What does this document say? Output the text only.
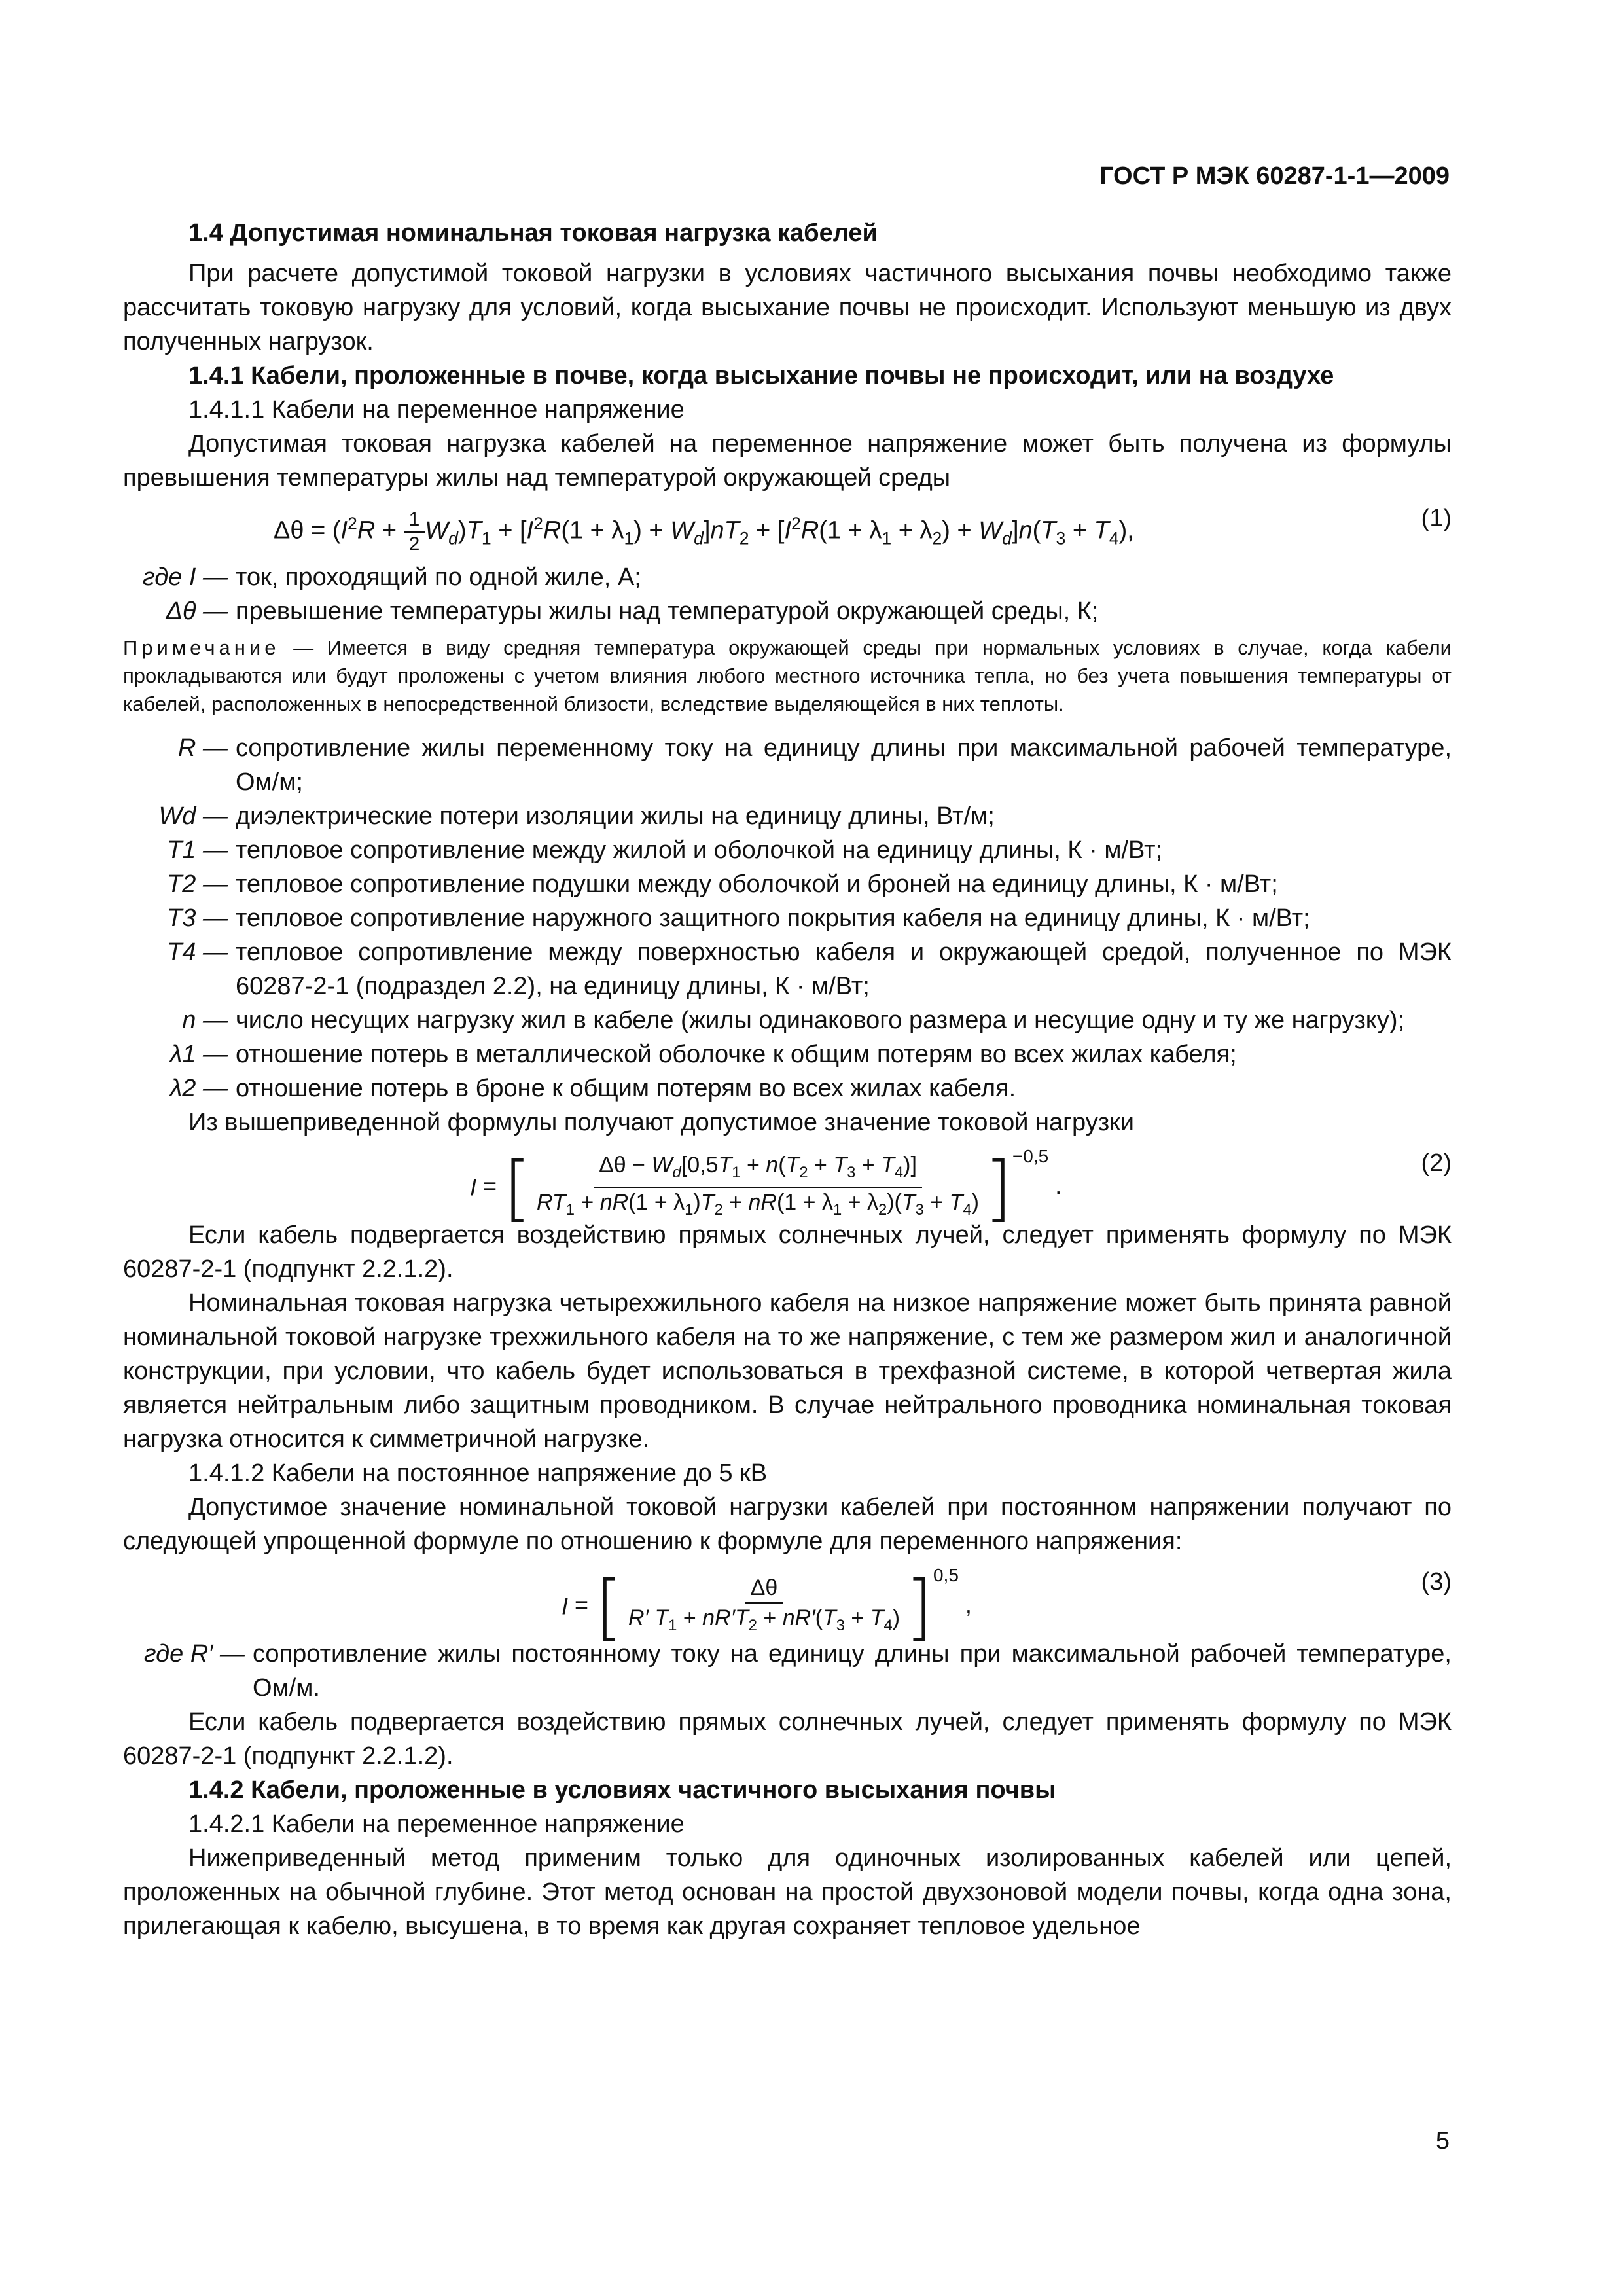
ГОСТ Р МЭК 60287-1-1—2009

1.4 Допустимая номинальная токовая нагрузка кабелей

При расчете допустимой токовой нагрузки в условиях частичного высыхания почвы необходимо также рассчитать токовую нагрузку для условий, когда высыхание почвы не происходит. Используют меньшую из двух полученных нагрузок.

1.4.1 Кабели, проложенные в почве, когда высыхание почвы не происходит, или на воздухе

1.4.1.1 Кабели на переменное напряжение

Допустимая токовая нагрузка кабелей на переменное напряжение может быть получена из формулы превышения температуры жилы над температурой окружающей среды

$\Delta\theta = (I^2R + \frac{1}{2} W_d)T_1 + [I^2R(1 + \lambda_1) + W_d]nT_2 + [I^2R(1 + \lambda_1 + \lambda_2) + W_d]n(T_3 + T_4)$,	(1)
где I — ток, проходящий по одной жиле, А;
Δθ — превышение температуры жилы над температурой окружающей среды, К;
Примечание — Имеется в виду средняя температура окружающей среды при нормальных условиях в случае, когда кабели прокладываются или будут проложены с учетом влияния любого местного источника тепла, но без учета повышения температуры от кабелей, расположенных в непосредственной близости, вследствие выделяющейся в них теплоты.
R — сопротивление жилы переменному току на единицу длины при максимальной рабочей температуре, Ом/м;
Wd — диэлектрические потери изоляции жилы на единицу длины, Вт/м;
T1 — тепловое сопротивление между жилой и оболочкой на единицу длины, К · м/Вт;
T2 — тепловое сопротивление подушки между оболочкой и броней на единицу длины, К · м/Вт;
T3 — тепловое сопротивление наружного защитного покрытия кабеля на единицу длины, К · м/Вт;
T4 — тепловое сопротивление между поверхностью кабеля и окружающей средой, полученное по МЭК 60287-2-1 (подраздел 2.2), на единицу длины, К · м/Вт;
n — число несущих нагрузку жил в кабеле (жилы одинакового размера и несущие одну и ту же нагрузку);
λ1 — отношение потерь в металлической оболочке к общим потерям во всех жилах кабеля;
λ2 — отношение потерь в броне к общим потерям во всех жилах кабеля.

Из вышеприведенной формулы получают допустимое значение токовой нагрузки

I = [ $\frac{\Delta\theta - W_d[0,5T_1 + n(T_2 + T_3 + T_4)]}{RT_1 + nR(1 + \lambda_1)T_2 + nR(1 + \lambda_1 + \lambda_2)(T_3 + T_4)} ]^{-0,5}$ .
(2)

Если кабель подвергается воздействию прямых солнечных лучей, следует применять формулу по МЭК 60287-2-1 (подпункт 2.2.1.2).

Номинальная токовая нагрузка четырехжильного кабеля на низкое напряжение может быть принята равной номинальной токовой нагрузке трехжильного кабеля на то же напряжение, с тем же размером жил и аналогичной конструкции, при условии, что кабель будет использоваться в трехфазной системе, в которой четвертая жила является нейтральным либо защитным проводником. В случае нейтрального проводника номинальная токовая нагрузка относится к симметричной нагрузке.

1.4.1.2 Кабели на постоянное напряжение до 5 кВ

Допустимое значение номинальной токовой нагрузки кабелей при постоянном напряжении получают по следующей упрощенной формуле по отношению к формуле для переменного напряжения:

I = [ $\frac{\Delta\theta}{R' T_1 + nR'T_2 + nR'(T_3 + T_4)} ]^{0,5}$ ,
(3)
где R′ — сопротивление жилы постоянному току на единицу длины при максимальной рабочей температуре, Ом/м.

Если кабель подвергается воздействию прямых солнечных лучей, следует применять формулу по МЭК 60287-2-1 (подпункт 2.2.1.2).

1.4.2 Кабели, проложенные в условиях частичного высыхания почвы

1.4.2.1 Кабели на переменное напряжение

Нижеприведенный метод применим только для одиночных изолированных кабелей или цепей, проложенных на обычной глубине. Этот метод основан на простой двухзоновой модели почвы, когда одна зона, прилегающая к кабелю, высушена, в то время как другая сохраняет тепловое удельное

5
